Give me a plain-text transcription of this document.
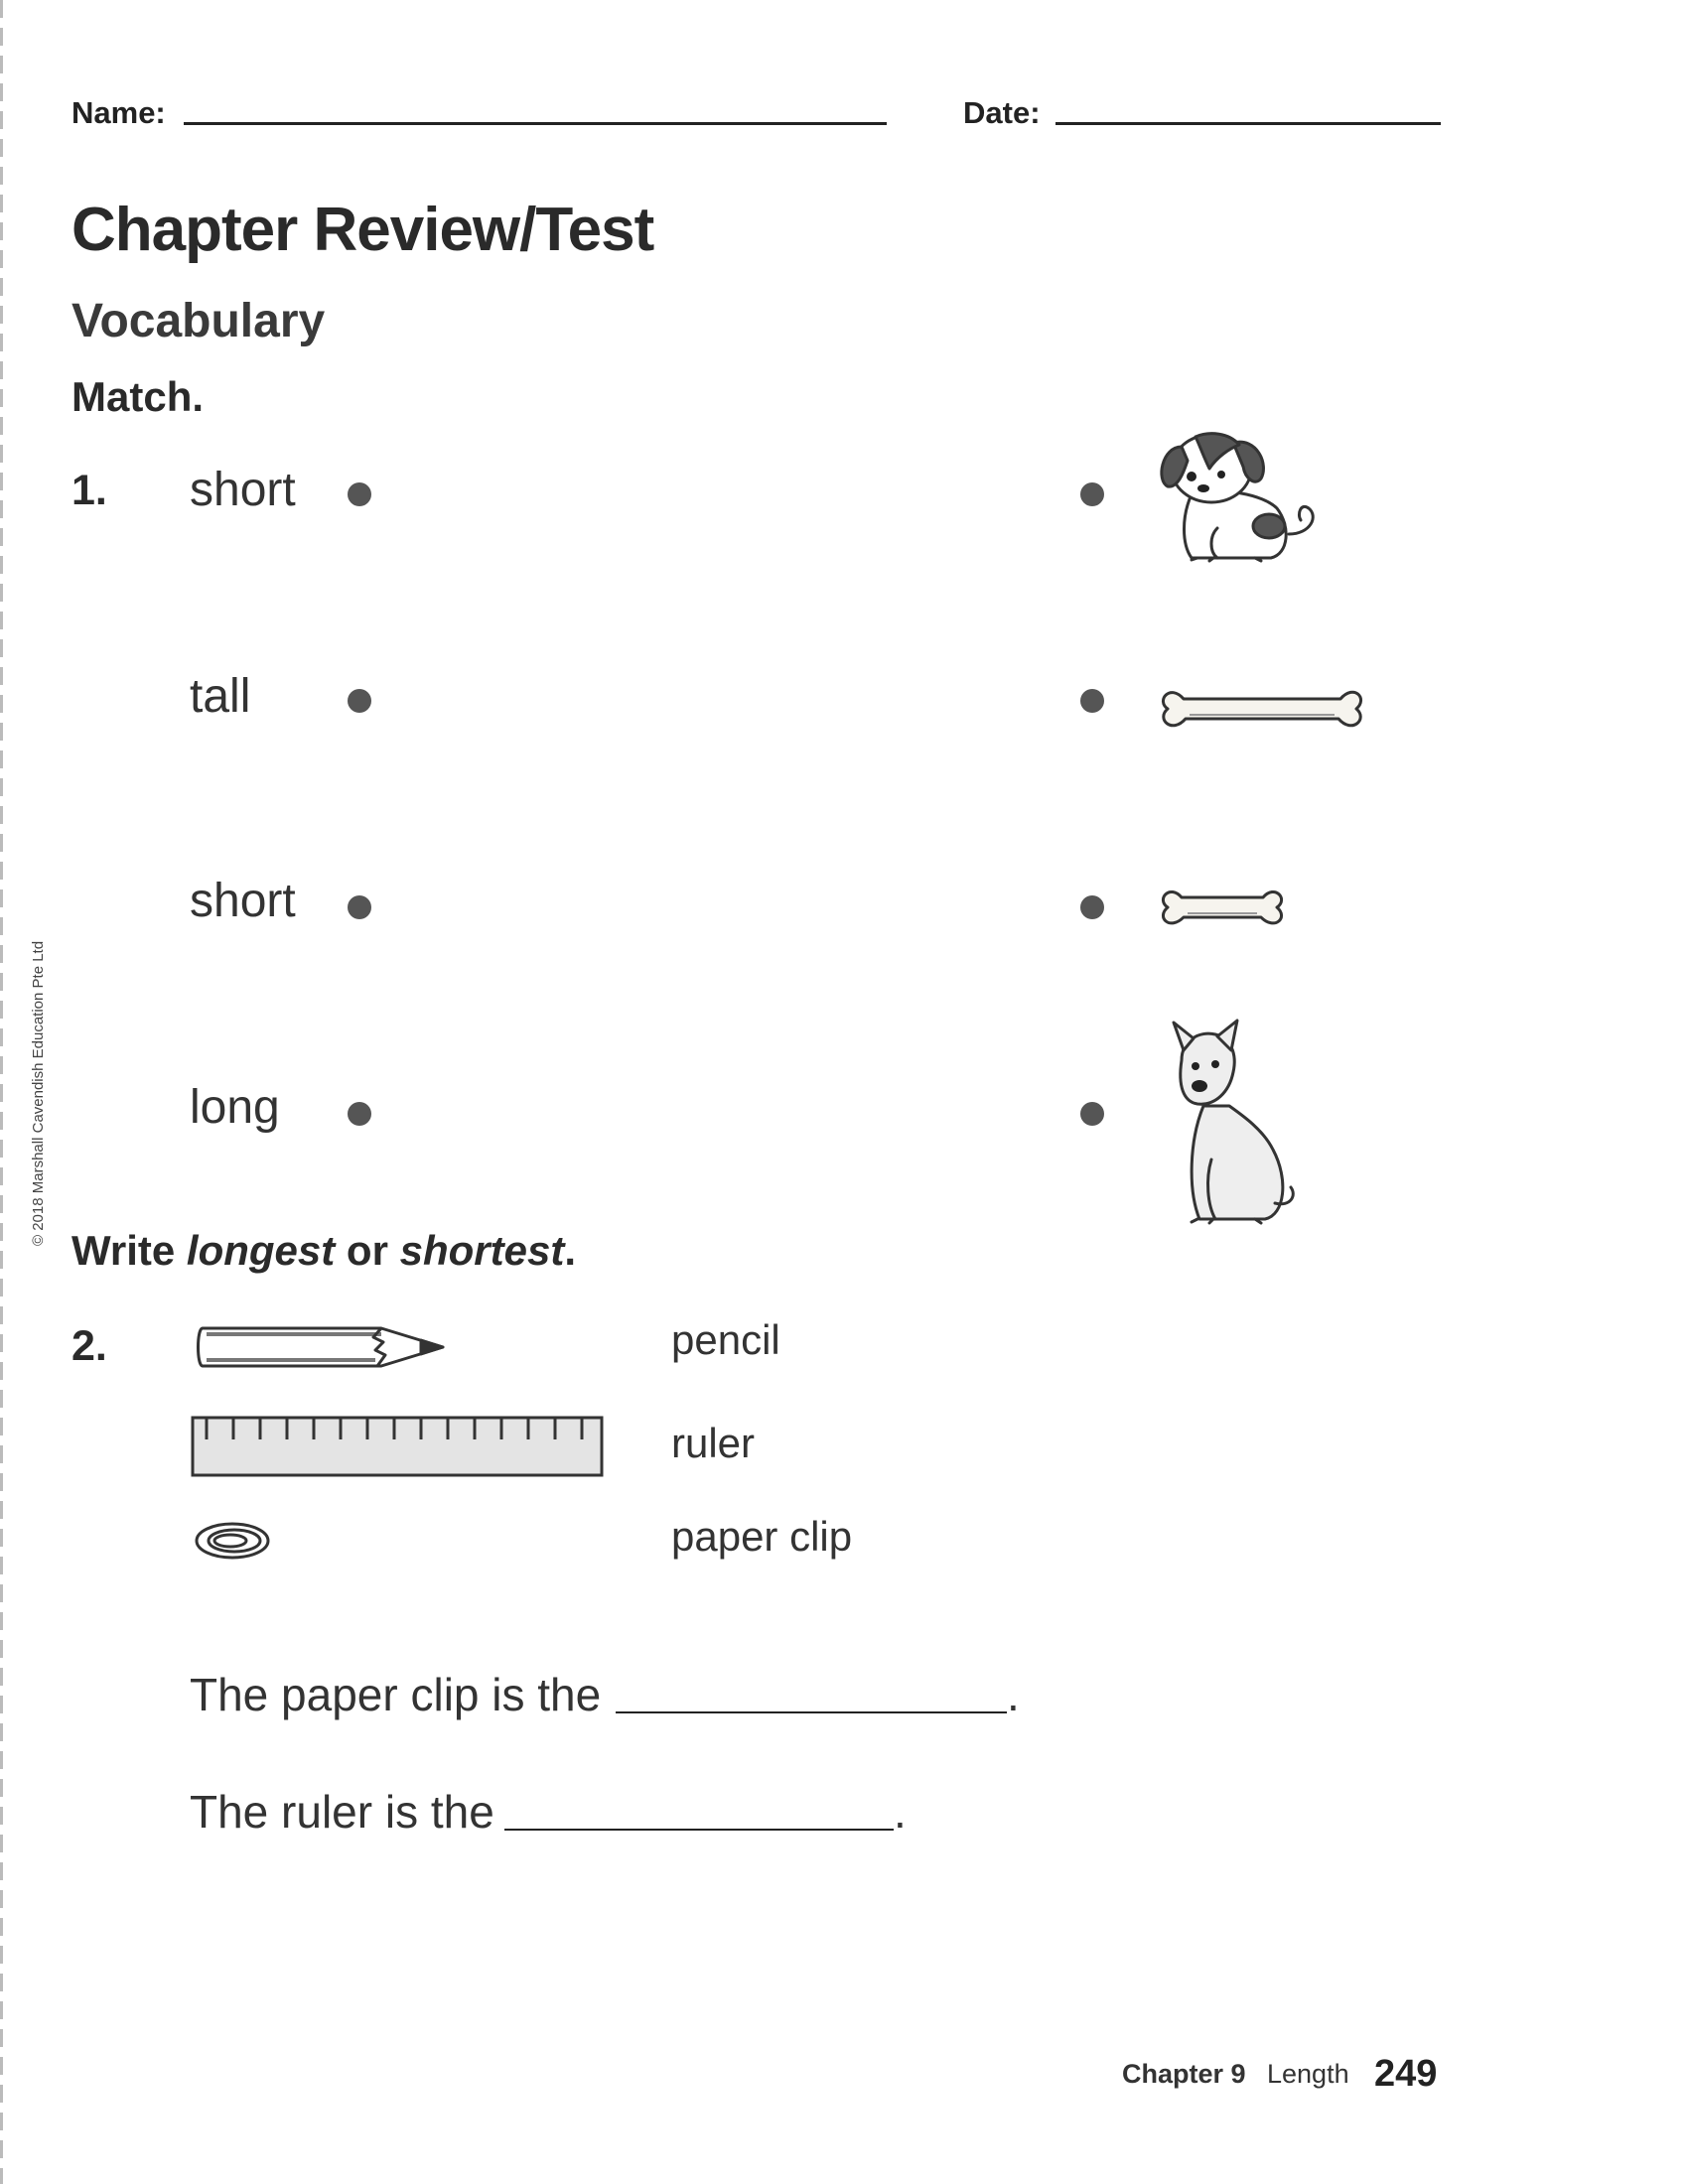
Name:	Date:
Chapter Review/Test
Vocabulary
Match.
1. short
tall
short
long
Write longest or shortest.
2.	pencil
ruler
paper clip
The paper clip is the	.
The ruler is the	.
Chapter 9 Length 249
© 2018 Marshall Cavendish Education Pte Ltd
